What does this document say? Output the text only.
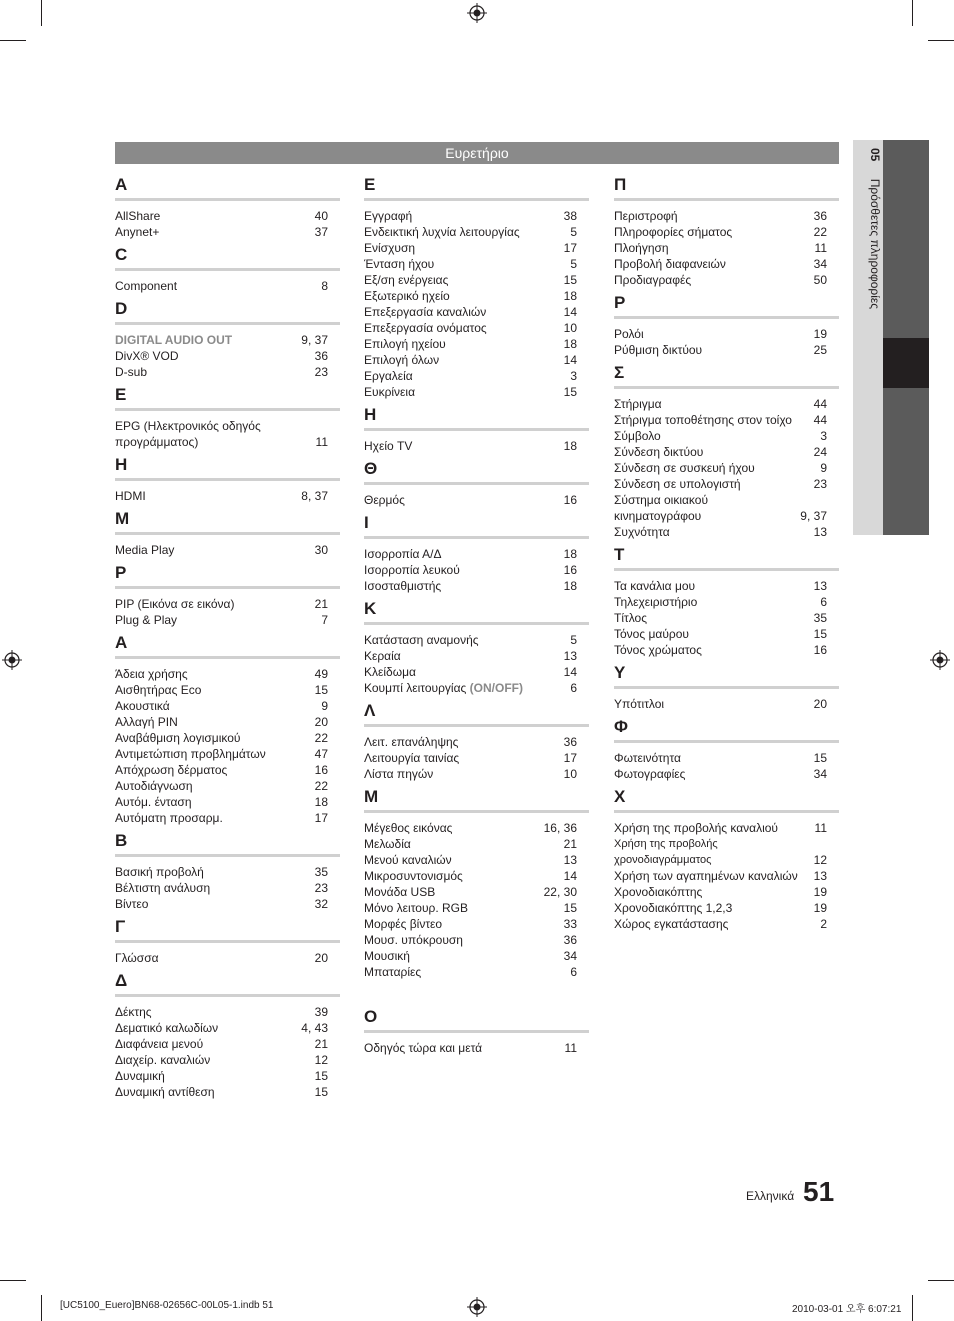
Ευρετήριο	05 Πρόσθετες πληροφορίες
A
AllShare	40
Anynet+	37
C
Component	8
D
DIGITAL AUDIO OUT	9, 37
DivX® VOD	36
D-sub	23
E
EPG (Ηλεκτρονικός οδηγός προγράμματος)	11
H
HDMI	8, 37
M
Media Play	30
P
PIP (Εικόνα σε εικόνα)	21
Plug & Play	7
Α
Άδεια χρήσης	49
Αισθητήρας Eco	15
Ακουστικά	9
Αλλαγή PIN	20
Αναβάθμιση λογισμικού	22
Αντιμετώπιση προβλημάτων	47
Απόχρωση δέρματος	16
Αυτοδιάγνωση	22
Αυτόμ. ένταση	18
Αυτόματη προσαρμ.	17
Β
Βασική προβολή	35
Βέλτιστη ανάλυση	23
Βίντεο	32
Γ
Γλώσσα	20
Δ
Δέκτης	39
Δεματικό καλωδίων	4, 43
Διαφάνεια μενού	21
Διαχείρ. καναλιών	12
Δυναμική	15
Δυναμική αντίθεση	15
Ε
Εγγραφή	38
Ενδεικτική λυχνία λειτουργίας	5
Ενίσχυση	17
Ένταση ήχου	5
Εξ/ση ενέργειας	15
Εξωτερικό ηχείο	18
Επεξεργασία καναλιών	14
Επεξεργασία ονόματος	10
Επιλογή ηχείου	18
Επιλογή όλων	14
Εργαλεία	3
Ευκρίνεια	15
Η
Ηχείο TV	18
Θ
Θερμός	16
Ι
Ισορροπία Α/Δ	18
Ισορροπία λευκού	16
Ισοσταθμιστής	18
Κ
Κατάσταση αναμονής	5
Κεραία	13
Κλείδωμα	14
Κουμπί λειτουργίας (ON/OFF)	6
Λ
Λειτ. επανάληψης	36
Λειτουργία ταινίας	17
Λίστα πηγών	10
Μ
Μέγεθος εικόνας	16, 36
Μελωδία	21
Μενού καναλιών	13
Μικροσυντονισμός	14
Μονάδα USB	22, 30
Μόνο λειτουρ. RGB	15
Μορφές βίντεο	33
Μουσ. υπόκρουση	36
Μουσική	34
Μπαταρίες	6
Ο
Οδηγός τώρα και μετά	11
Π
Περιστροφή	36
Πληροφορίες σήματος	22
Πλοήγηση	11
Προβολή διαφανειών	34
Προδιαγραφές	50
Ρ
Ρολόι	19
Ρύθμιση δικτύου	25
Σ
Στήριγμα	44
Στήριγμα τοποθέτησης στον τοίχο	44
Σύμβολο	3
Σύνδεση δικτύου	24
Σύνδεση σε συσκευή ήχου	9
Σύνδεση σε υπολογιστή	23
Σύστημα οικιακού κινηματογράφου	9, 37
Συχνότητα	13
Τ
Τα κανάλια μου	13
Τηλεχειριστήριο	6
Τίτλος	35
Τόνος μαύρου	15
Τόνος χρώματος	16
Υ
Υπότιτλοι	20
Φ
Φωτεινότητα	15
Φωτογραφίες	34
Χ
Χρήση της προβολής καναλιού	11
Χρήση της προβολής χρονοδιαγράμματος	12
Χρήση των αγαπημένων καναλιών	13
Χρονοδιακόπτης	19
Χρονοδιακόπτης 1,2,3	19
Χώρος εγκατάστασης	2
Ελληνικά 51
[UC5100_Euero]BN68-02656C-00L05-1.indb 51	2010-03-01 오후 6:07:21
